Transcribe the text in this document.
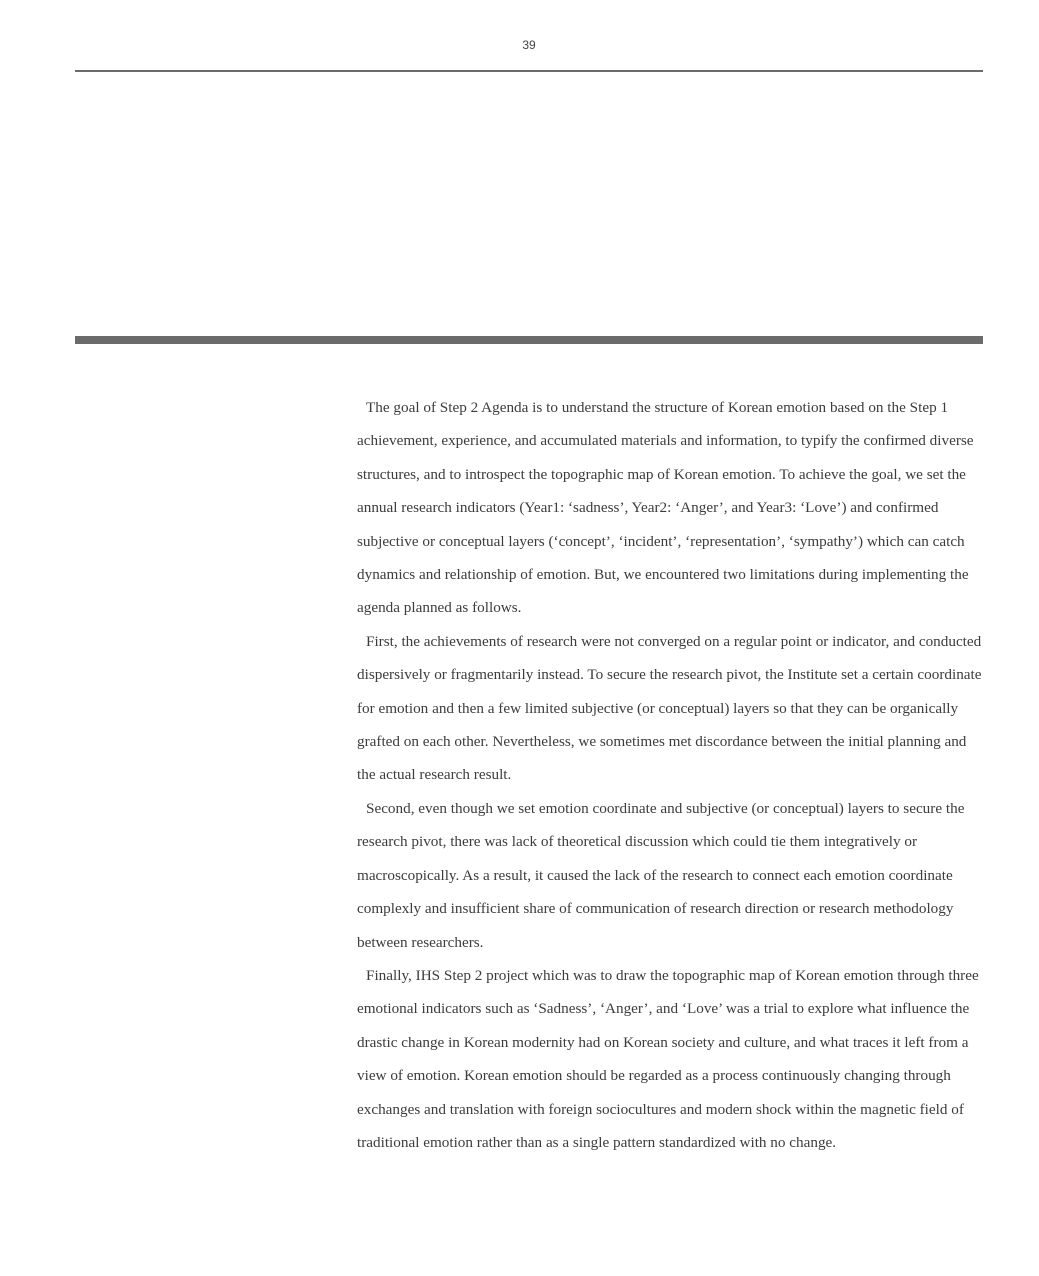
39

The goal of Step 2 Agenda is to understand the structure of Korean emotion based on the Step 1 achievement, experience, and accumulated materials and information, to typify the confirmed diverse structures, and to introspect the topographic map of Korean emotion. To achieve the goal, we set the annual research indicators (Year1: ‘sadness’, Year2: ‘Anger’, and Year3: ‘Love’) and confirmed subjective or conceptual layers (‘concept’, ‘incident’, ‘representation’, ‘sympathy’) which can catch dynamics and relationship of emotion. But, we encountered two limitations during implementing the agenda planned as follows.

First, the achievements of research were not converged on a regular point or indicator, and conducted dispersively or fragmentarily instead. To secure the research pivot, the Institute set a certain coordinate for emotion and then a few limited subjective (or conceptual) layers so that they can be organically grafted on each other. Nevertheless, we sometimes met discordance between the initial planning and the actual research result.

Second, even though we set emotion coordinate and subjective (or conceptual) layers to secure the research pivot, there was lack of theoretical discussion which could tie them integratively or macroscopically. As a result, it caused the lack of the research to connect each emotion coordinate complexly and insufficient share of communication of research direction or research methodology between researchers.

Finally, IHS Step 2 project which was to draw the topographic map of Korean emotion through three emotional indicators such as ‘Sadness’, ‘Anger’, and ‘Love’ was a trial to explore what influence the drastic change in Korean modernity had on Korean society and culture, and what traces it left from a view of emotion. Korean emotion should be regarded as a process continuously changing through exchanges and translation with foreign sociocultures and modern shock within the magnetic field of traditional emotion rather than as a single pattern standardized with no change.
